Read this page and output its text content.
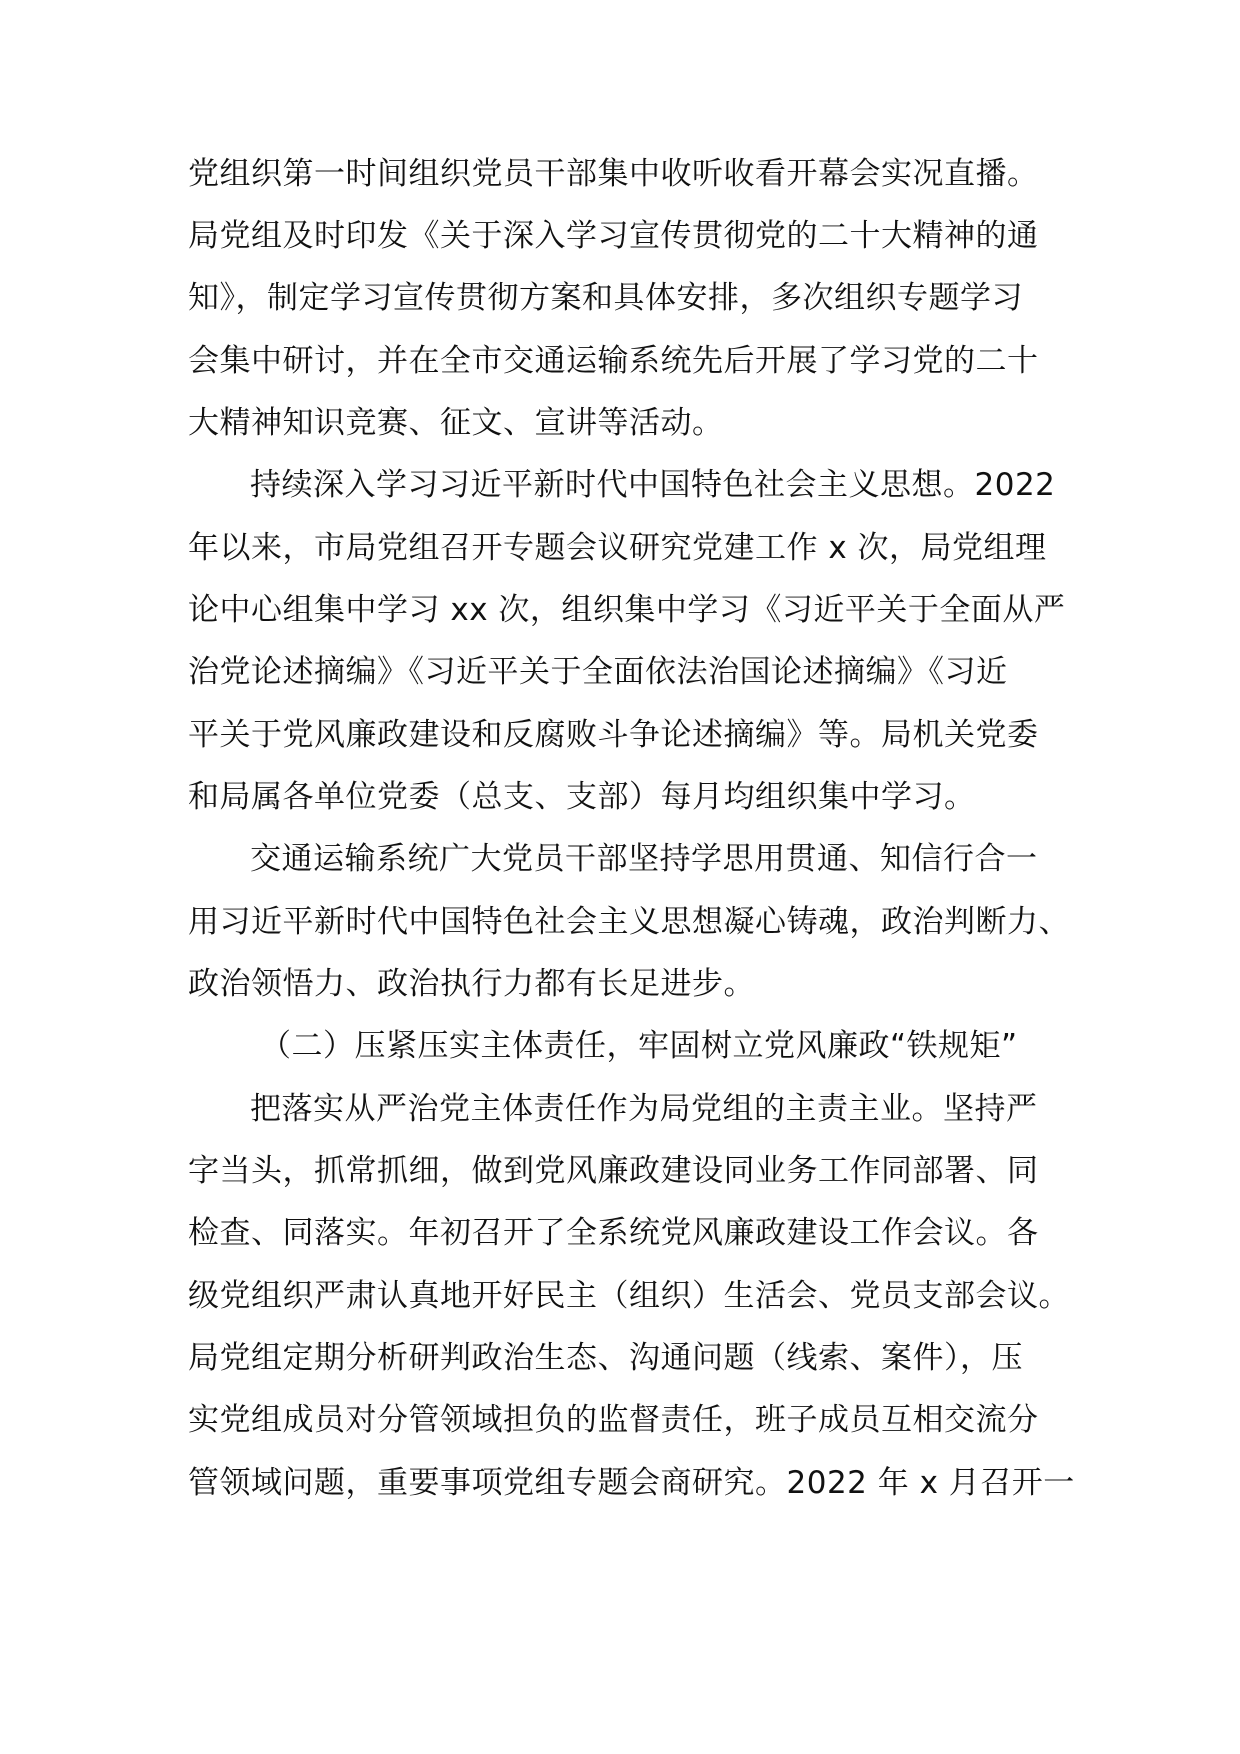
党组织第一时间组织党员干部集中收听收看开幕会实况直播。
局党组及时印发《关于深入学习宣传贯彻党的二十大精神的通
知》，制定学习宣传贯彻方案和具体安排，多次组织专题学习
会集中研讨，并在全市交通运输系统先后开展了学习党的二十
大精神知识竞赛、征文、宣讲等活动。
持续深入学习习近平新时代中国特色社会主义思想。2022
年以来，市局党组召开专题会议研究党建工作 x 次，局党组理
论中心组集中学习 xx 次，组织集中学习《习近平关于全面从严
治党论述摘编》《习近平关于全面依法治国论述摘编》《习近
平关于党风廉政建设和反腐败斗争论述摘编》等。局机关党委
和局属各单位党委（总支、支部）每月均组织集中学习。
交通运输系统广大党员干部坚持学思用贯通、知信行合一
用习近平新时代中国特色社会主义思想凝心铸魂，政治判断力、
政治领悟力、政治执行力都有长足进步。
（二）压紧压实主体责任，牢固树立党风廉政“铁规矩”
把落实从严治党主体责任作为局党组的主责主业。坚持严
字当头，抓常抓细，做到党风廉政建设同业务工作同部署、同
检查、同落实。年初召开了全系统党风廉政建设工作会议。各
级党组织严肃认真地开好民主（组织）生活会、党员支部会议。
局党组定期分析研判政治生态、沟通问题（线索、案件），压
实党组成员对分管领域担负的监督责任，班子成员互相交流分
管领域问题，重要事项党组专题会商研究。2022 年 x 月召开一
